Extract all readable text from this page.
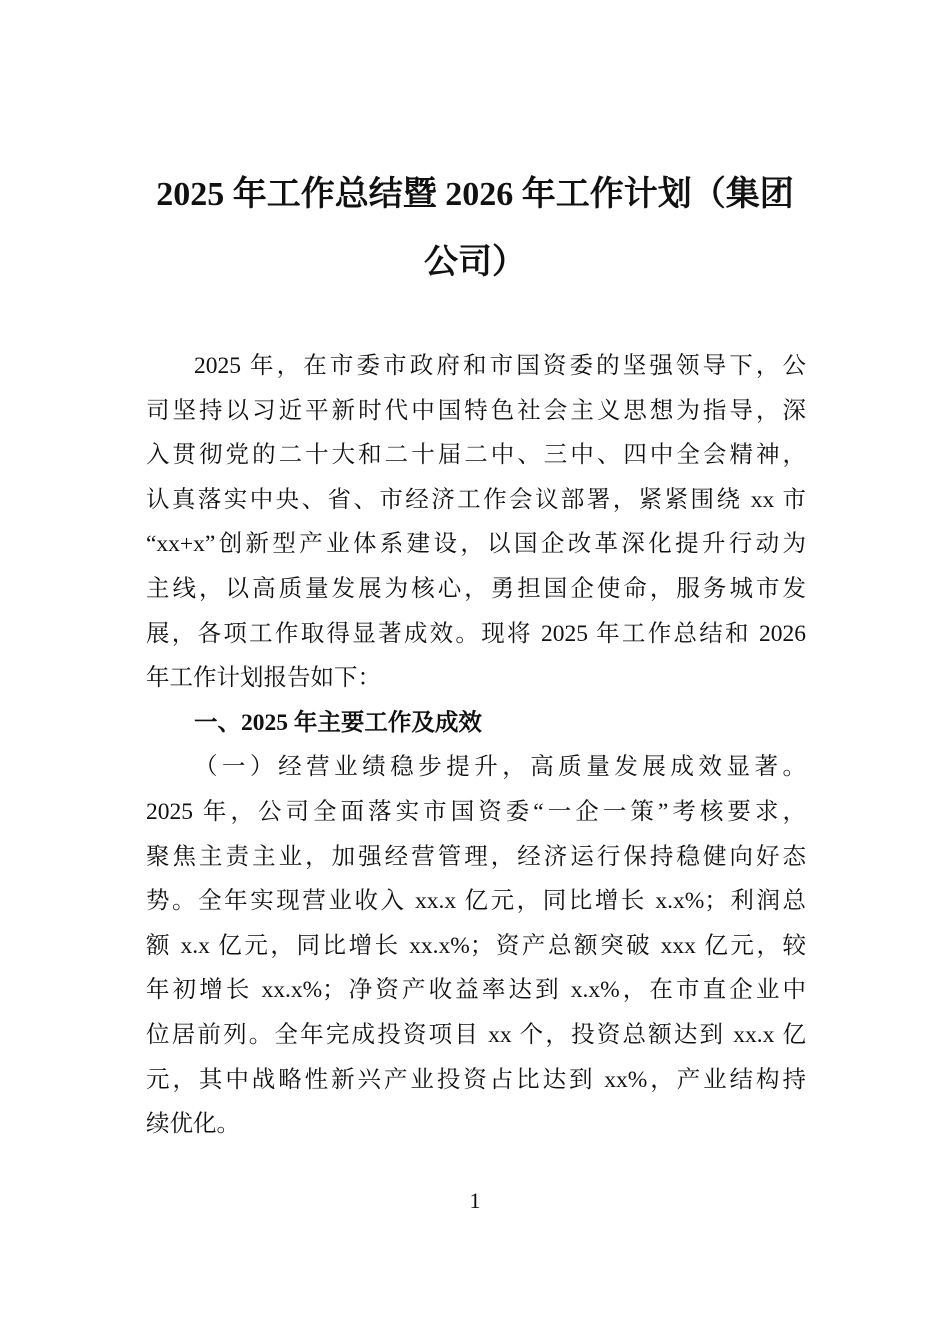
2025 年工作总结暨 2026 年工作计划（集团
公司）
2025 年，在市委市政府和市国资委的坚强领导下，公
司坚持以习近平新时代中国特色社会主义思想为指导，深
入贯彻党的二十大和二十届二中、三中、四中全会精神，
认真落实中央、省、市经济工作会议部署，紧紧围绕 xx 市
“xx+x”创新型产业体系建设，以国企改革深化提升行动为
主线，以高质量发展为核心，勇担国企使命，服务城市发
展，各项工作取得显著成效。现将 2025 年工作总结和 2026
年工作计划报告如下：
一、2025 年主要工作及成效
（一）经营业绩稳步提升，高质量发展成效显著。
2025 年，公司全面落实市国资委“一企一策”考核要求，
聚焦主责主业，加强经营管理，经济运行保持稳健向好态
势。全年实现营业收入 xx.x 亿元，同比增长 x.x%；利润总
额 x.x 亿元，同比增长 xx.x%；资产总额突破 xxx 亿元，较
年初增长 xx.x%；净资产收益率达到 x.x%，在市直企业中
位居前列。全年完成投资项目 xx 个，投资总额达到 xx.x 亿
元，其中战略性新兴产业投资占比达到 xx%，产业结构持
续优化。
1
